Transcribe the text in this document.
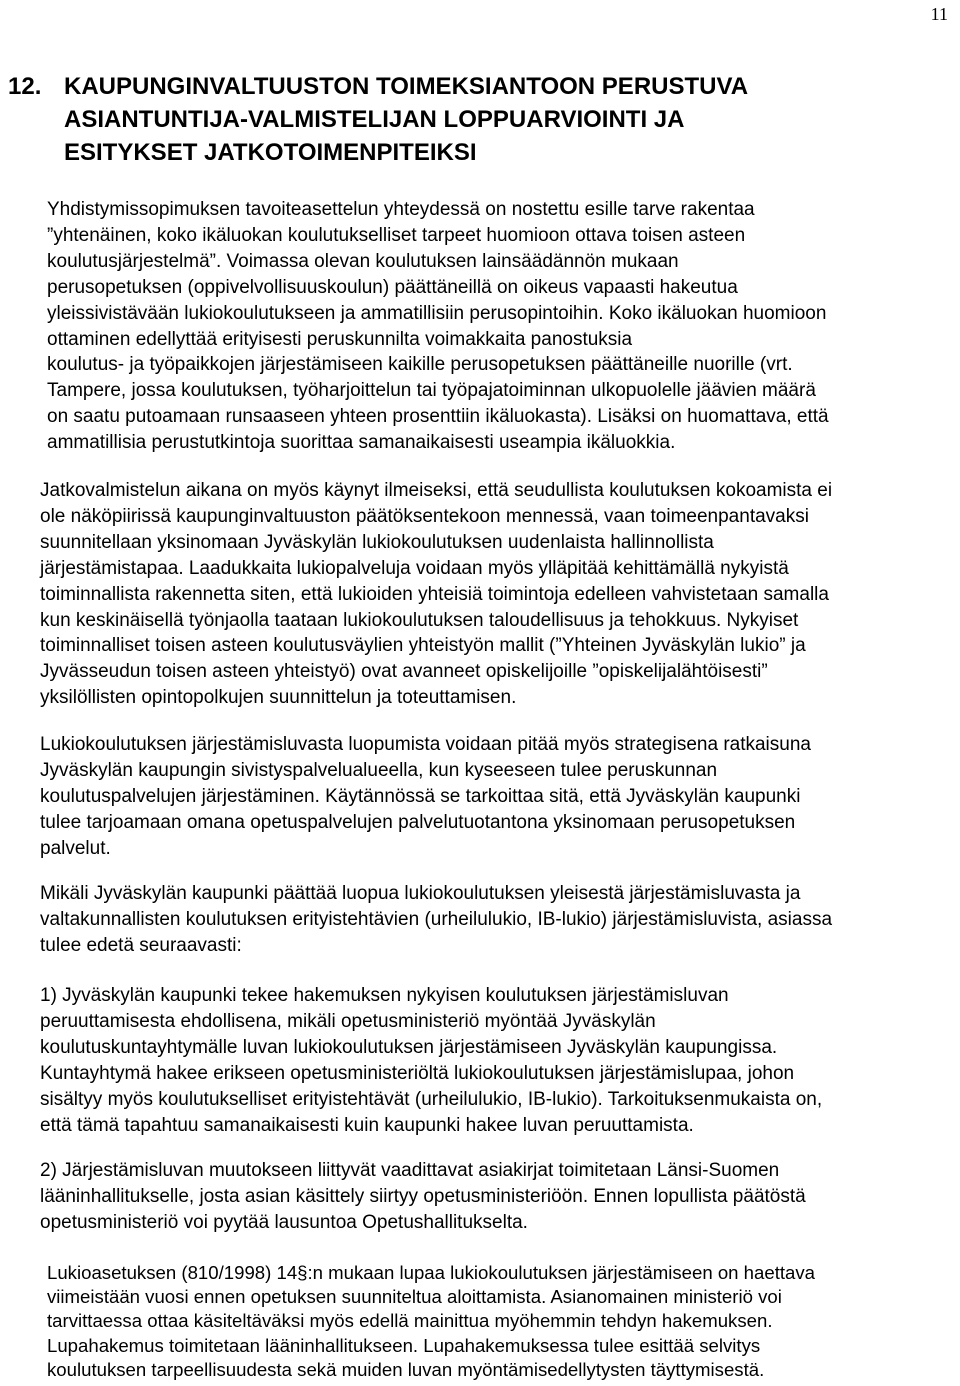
11
12. KAUPUNGINVALTUUSTON TOIMEKSIANTOON PERUSTUVA
ASIANTUNTIJA-VALMISTELIJAN LOPPUARVIOINTI JA
ESITYKSET JATKOTOIMENPITEIKSI

Yhdistymissopimuksen tavoiteasettelun yhteydessä on nostettu esille tarve rakentaa
”yhtenäinen, koko ikäluokan koulutukselliset tarpeet huomioon ottava toisen asteen
koulutusjärjestelmä”. Voimassa olevan koulutuksen lainsäädännön mukaan
perusopetuksen (oppivelvollisuuskoulun) päättäneillä on oikeus vapaasti hakeutua
yleissivistävään lukiokoulutukseen ja ammatillisiin perusopintoihin. Koko ikäluokan huomioon
ottaminen edellyttää erityisesti peruskunnilta voimakkaita panostuksia
koulutus- ja työpaikkojen järjestämiseen kaikille perusopetuksen päättäneille nuorille (vrt.
Tampere, jossa koulutuksen, työharjoittelun tai työpajatoiminnan ulkopuolelle jäävien määrä
on saatu putoamaan runsaaseen yhteen prosenttiin ikäluokasta). Lisäksi on huomattava, että
ammatillisia perustutkintoja suorittaa samanaikaisesti useampia ikäluokkia.

Jatkovalmistelun aikana on myös käynyt ilmeiseksi, että seudullista koulutuksen kokoamista ei
ole näköpiirissä kaupunginvaltuuston päätöksentekoon mennessä, vaan toimeenpantavaksi
suunnitellaan yksinomaan Jyväskylän lukiokoulutuksen uudenlaista hallinnollista
järjestämistapaa. Laadukkaita lukiopalveluja voidaan myös ylläpitää kehittämällä nykyistä
toiminnallista rakennetta siten, että lukioiden yhteisiä toimintoja edelleen vahvistetaan samalla
kun keskinäisellä työnjaolla taataan lukiokoulutuksen taloudellisuus ja tehokkuus. Nykyiset
toiminnalliset toisen asteen koulutusväylien yhteistyön mallit (”Yhteinen Jyväskylän lukio” ja
Jyvässeudun toisen asteen yhteistyö) ovat avanneet opiskelijoille ”opiskelijalähtöisesti”
yksilöllisten opintopolkujen suunnittelun ja toteuttamisen.

Lukiokoulutuksen järjestämisluvasta luopumista voidaan pitää myös strategisena ratkaisuna
Jyväskylän kaupungin sivistyspalvelualueella, kun kyseeseen tulee peruskunnan
koulutuspalvelujen järjestäminen. Käytännössä se tarkoittaa sitä, että Jyväskylän kaupunki
tulee tarjoamaan omana opetuspalvelujen palvelutuotantona yksinomaan perusopetuksen
palvelut.

Mikäli Jyväskylän kaupunki päättää luopua lukiokoulutuksen yleisestä järjestämisluvasta ja
valtakunnallisten koulutuksen erityistehtävien (urheilulukio, IB-lukio) järjestämisluvista, asiassa
tulee edetä seuraavasti:

1) Jyväskylän kaupunki tekee hakemuksen nykyisen koulutuksen järjestämisluvan
peruuttamisesta ehdollisena, mikäli opetusministeriö myöntää Jyväskylän
koulutuskuntayhtymälle luvan lukiokoulutuksen järjestämiseen Jyväskylän kaupungissa.
Kuntayhtymä hakee erikseen opetusministeriöltä lukiokoulutuksen järjestämislupaa, johon
sisältyy myös koulutukselliset erityistehtävät (urheilulukio, IB-lukio). Tarkoituksenmukaista on,
että tämä tapahtuu samanaikaisesti kuin kaupunki hakee luvan peruuttamista.

2) Järjestämisluvan muutokseen liittyvät vaadittavat asiakirjat toimitetaan Länsi-Suomen
lääninhallitukselle, josta asian käsittely siirtyy opetusministeriöön. Ennen lopullista päätöstä
opetusministeriö voi pyytää lausuntoa Opetushallitukselta.

Lukioasetuksen (810/1998) 14§:n mukaan lupaa lukiokoulutuksen järjestämiseen on haettava
viimeistään vuosi ennen opetuksen suunniteltua aloittamista. Asianomainen ministeriö voi
tarvittaessa ottaa käsiteltäväksi myös edellä mainittua myöhemmin tehdyn hakemuksen.
Lupahakemus toimitetaan lääninhallitukseen. Lupahakemuksessa tulee esittää selvitys
koulutuksen tarpeellisuudesta sekä muiden luvan myöntämisedellytysten täyttymisestä.
